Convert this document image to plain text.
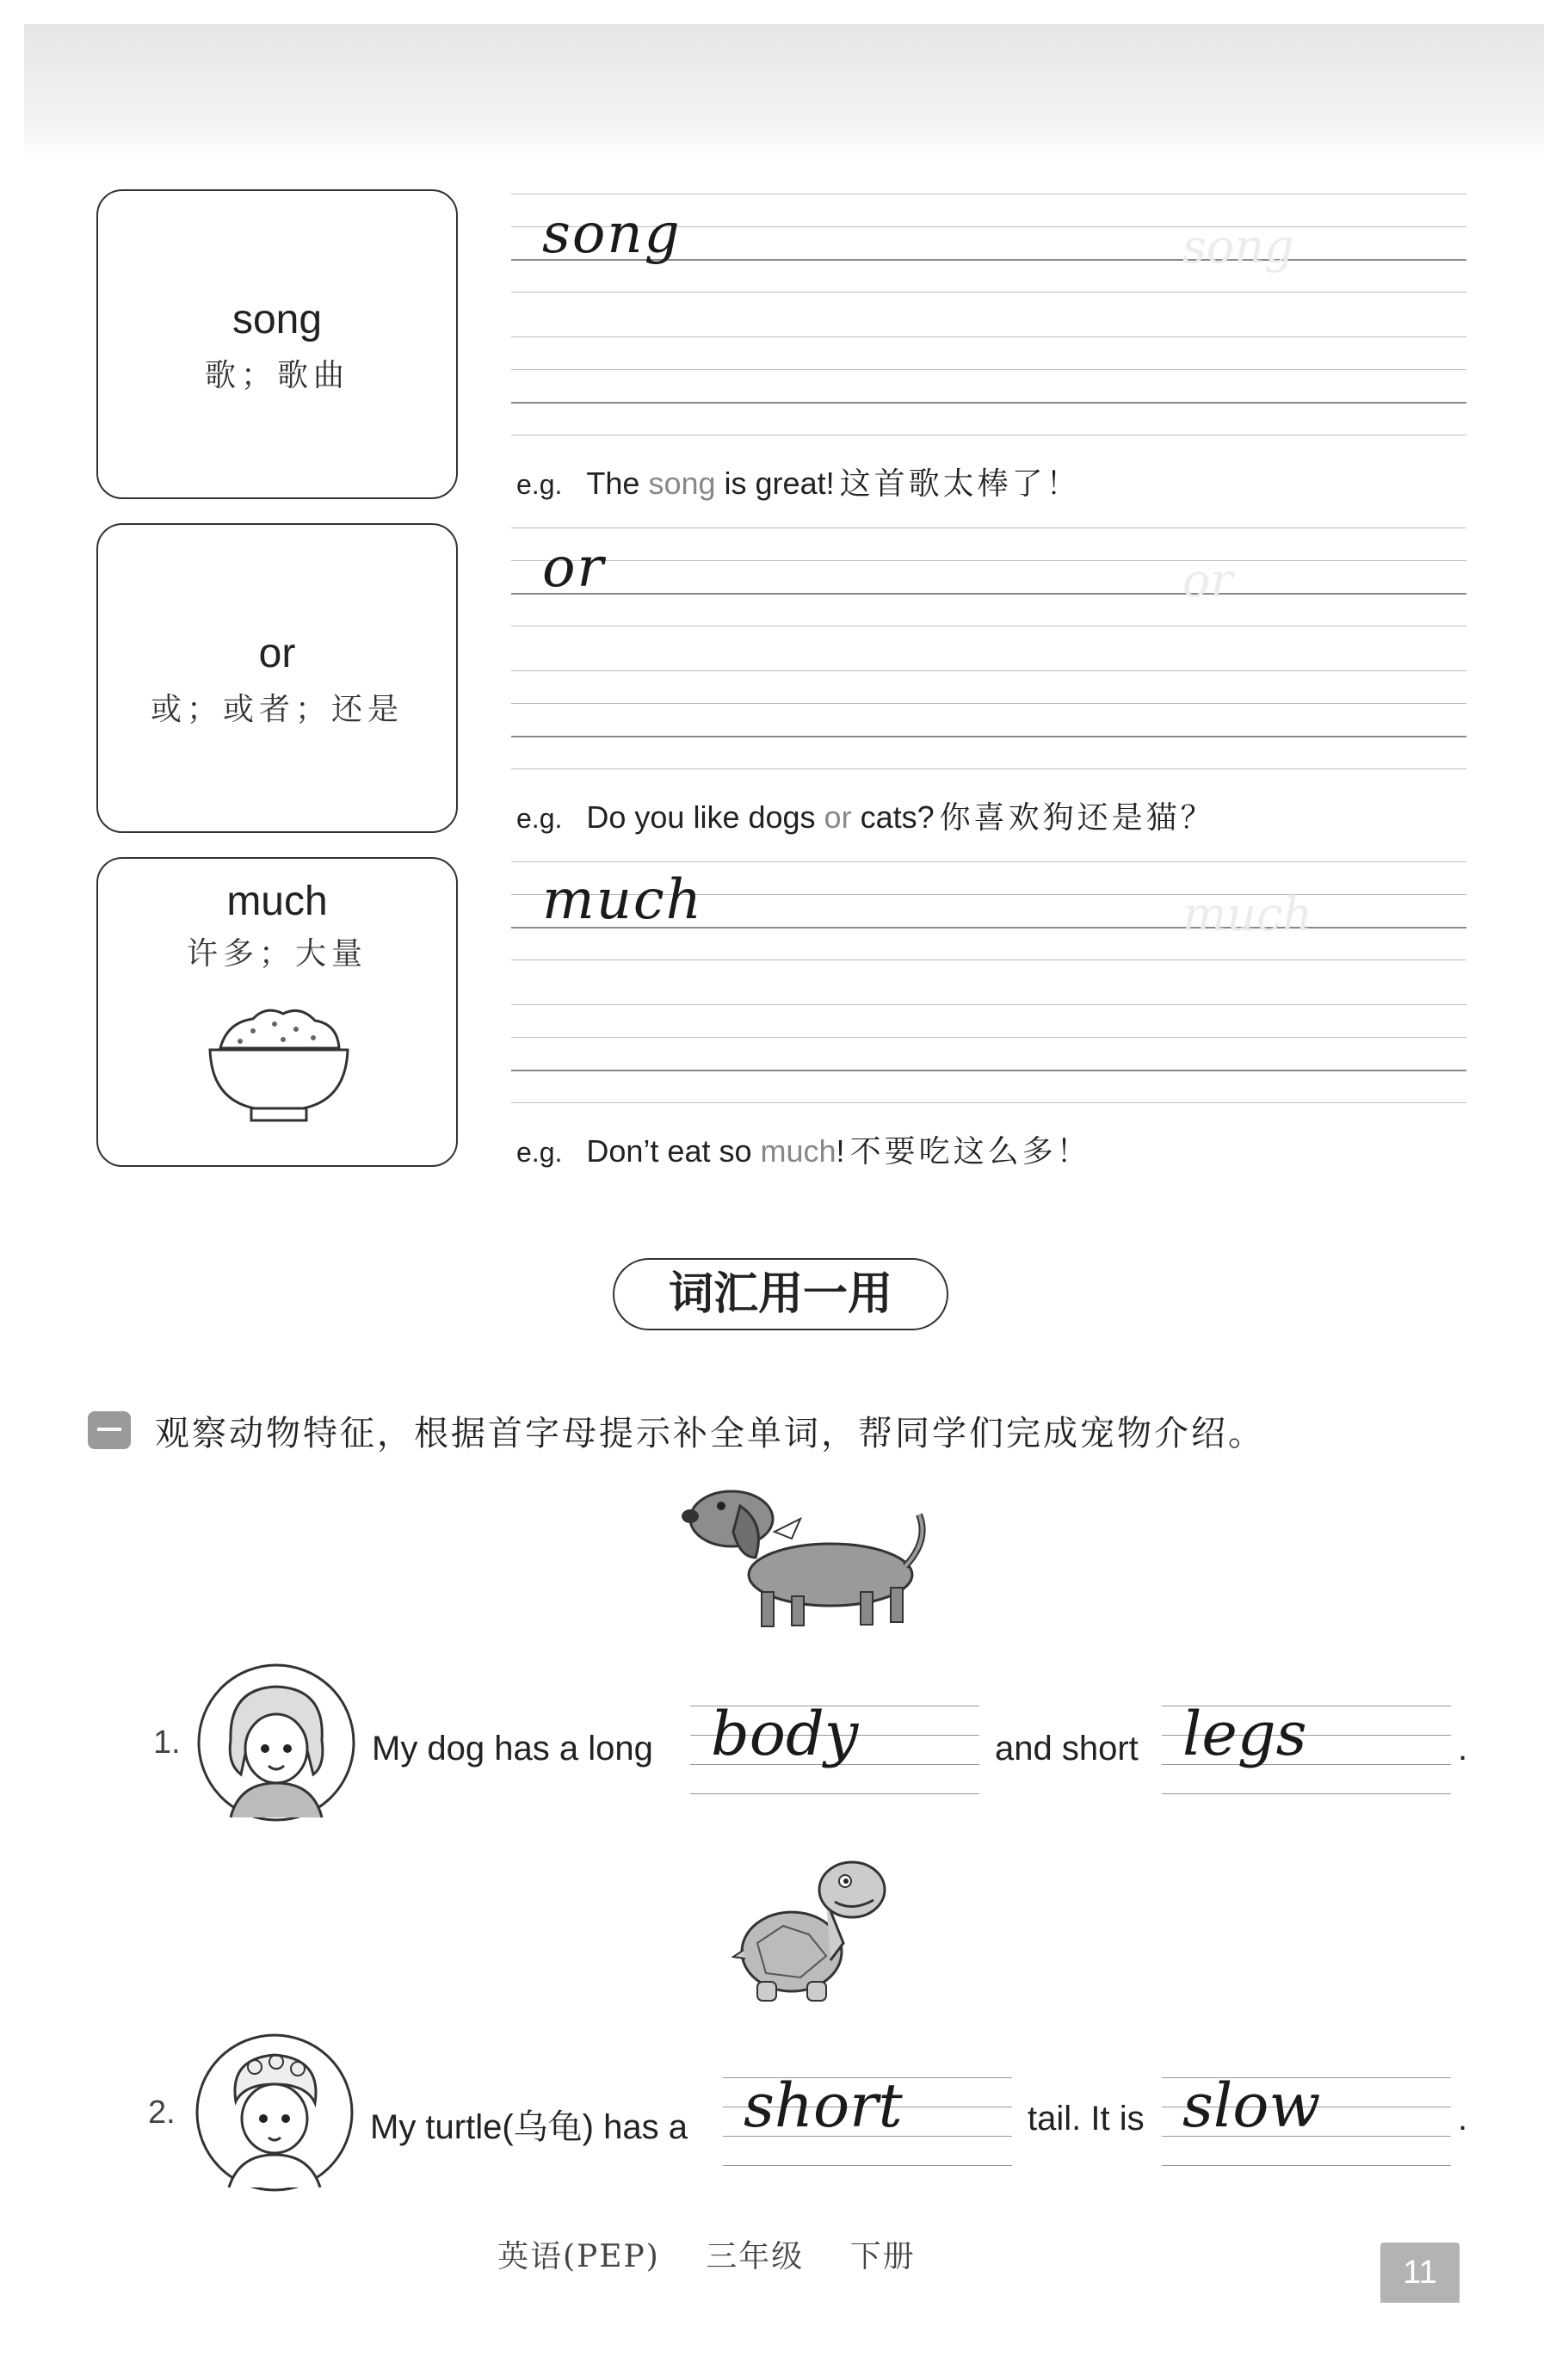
song
歌；歌曲
song	song
e.g. The song is great! 这首歌太棒了！
or
或；或者；还是
or	or
e.g. Do you like dogs or cats? 你喜欢狗还是猫？
much
许多；大量
much	much
e.g. Don’t eat so much! 不要吃这么多！
词汇用一用
观察动物特征，根据首字母提示补全单词，帮同学们完成宠物介绍。
1.	My dog has a long body	and short legs	.
2.	My turtle(乌龟) has a short	tail. It is slow	.
英语(PEP) 三年级 下册	11
